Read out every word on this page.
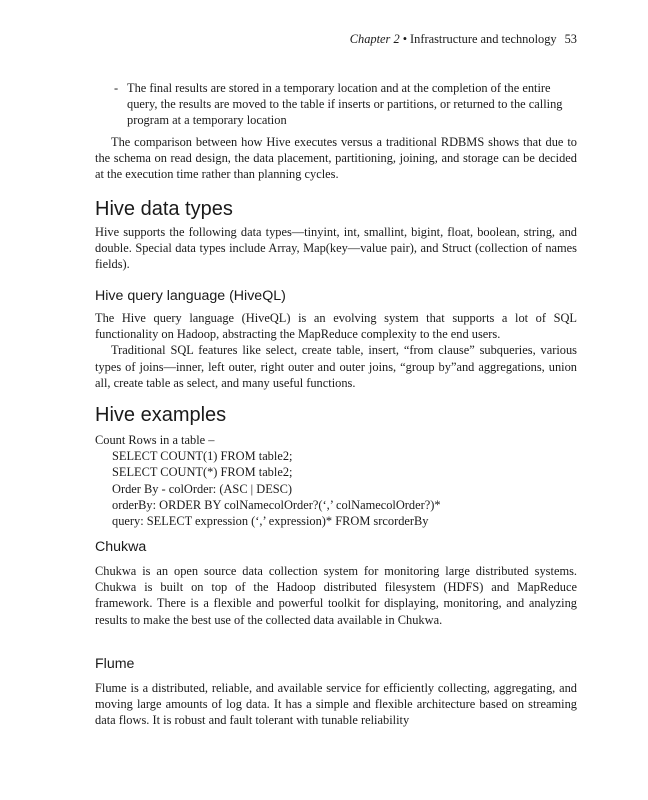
Chapter 2 • Infrastructure and technology 53
- The final results are stored in a temporary location and at the completion of the entire query, the results are moved to the table if inserts or partitions, or returned to the calling program at a temporary location

The comparison between how Hive executes versus a traditional RDBMS shows that due to the schema on read design, the data placement, partitioning, joining, and storage can be decided at the execution time rather than planning cycles.

Hive data types

Hive supports the following data types—tinyint, int, smallint, bigint, float, boolean, string, and double. Special data types include Array, Map(key—value pair), and Struct (collection of names fields).

Hive query language (HiveQL)

The Hive query language (HiveQL) is an evolving system that supports a lot of SQL functionality on Hadoop, abstracting the MapReduce complexity to the end users.

Traditional SQL features like select, create table, insert, “from clause” subqueries, various types of joins—inner, left outer, right outer and outer joins, “group by”and aggregations, union all, create table as select, and many useful functions.

Hive examples
Count Rows in a table –
SELECT COUNT(1) FROM table2;
SELECT COUNT(*) FROM table2;
Order By - colOrder: (ASC | DESC)
orderBy: ORDER BY colNamecolOrder?(‘,’ colNamecolOrder?)*
query: SELECT expression (‘,’ expression)* FROM srcorderBy
Chukwa

Chukwa is an open source data collection system for monitoring large distributed systems. Chukwa is built on top of the Hadoop distributed filesystem (HDFS) and MapReduce framework. There is a flexible and powerful toolkit for displaying, monitoring, and analyzing results to make the best use of the collected data available in Chukwa.

Flume

Flume is a distributed, reliable, and available service for efficiently collecting, aggregating, and moving large amounts of log data. It has a simple and flexible architecture based on streaming data flows. It is robust and fault tolerant with tunable reliability
